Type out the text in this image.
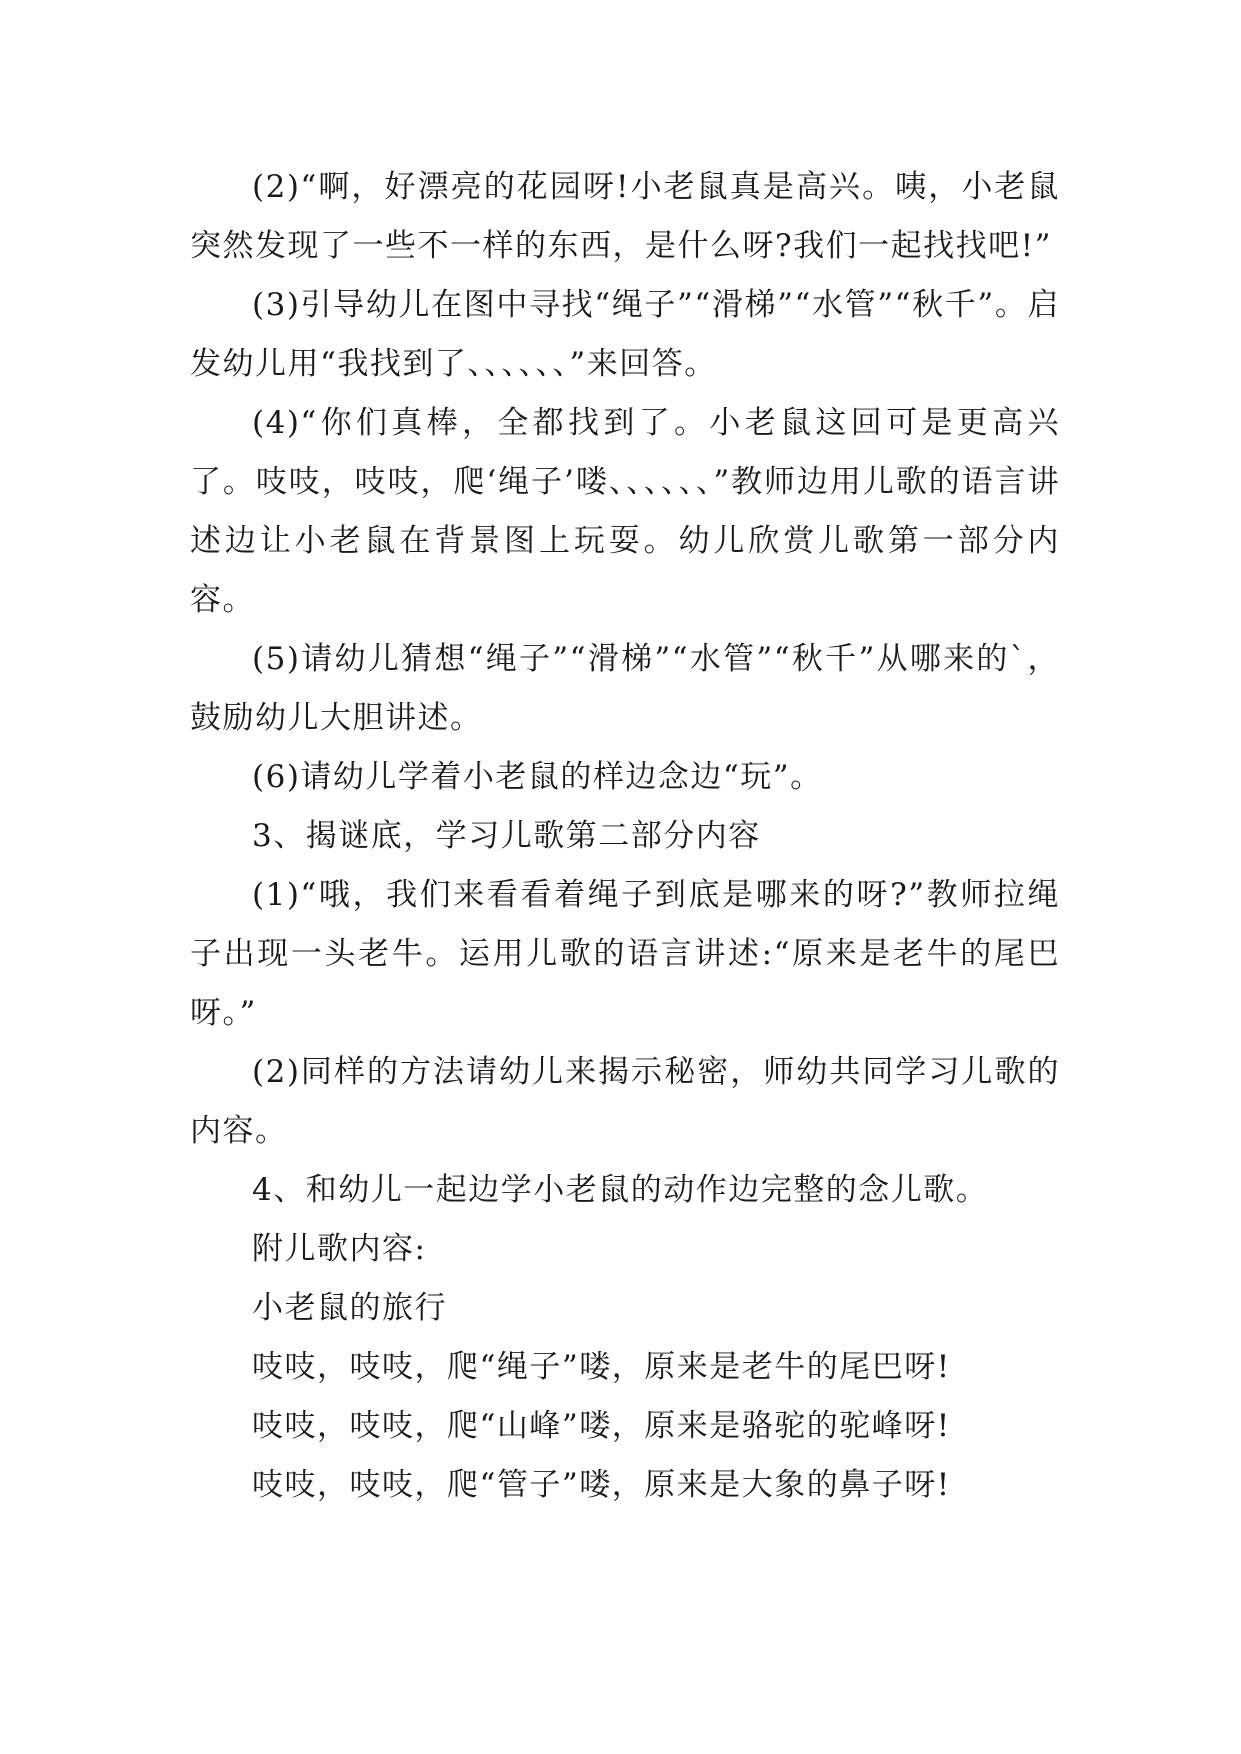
(2)“啊，好漂亮的花园呀!小老鼠真是高兴。咦，小老鼠突然发现了一些不一样的东西，是什么呀?我们一起找找吧!”

(3)引导幼儿在图中寻找“绳子”“滑梯”“水管”“秋千”。启发幼儿用“我找到了、、、、、、”来回答。

(4)“你们真棒，全都找到了。小老鼠这回可是更高兴了。吱吱，吱吱，爬‘绳子’喽、、、、、、”教师边用儿歌的语言讲述边让小老鼠在背景图上玩耍。幼儿欣赏儿歌第一部分内容。

(5)请幼儿猜想“绳子”“滑梯”“水管”“秋千”从哪来的`，鼓励幼儿大胆讲述。

(6)请幼儿学着小老鼠的样边念边“玩”。

3、揭谜底，学习儿歌第二部分内容

(1)“哦，我们来看看着绳子到底是哪来的呀?”教师拉绳子出现一头老牛。运用儿歌的语言讲述:“原来是老牛的尾巴呀。”

(2)同样的方法请幼儿来揭示秘密，师幼共同学习儿歌的内容。

4、和幼儿一起边学小老鼠的动作边完整的念儿歌。

附儿歌内容:

小老鼠的旅行

吱吱，吱吱，爬“绳子”喽，原来是老牛的尾巴呀!

吱吱，吱吱，爬“山峰”喽，原来是骆驼的驼峰呀!

吱吱，吱吱，爬“管子”喽，原来是大象的鼻子呀!
